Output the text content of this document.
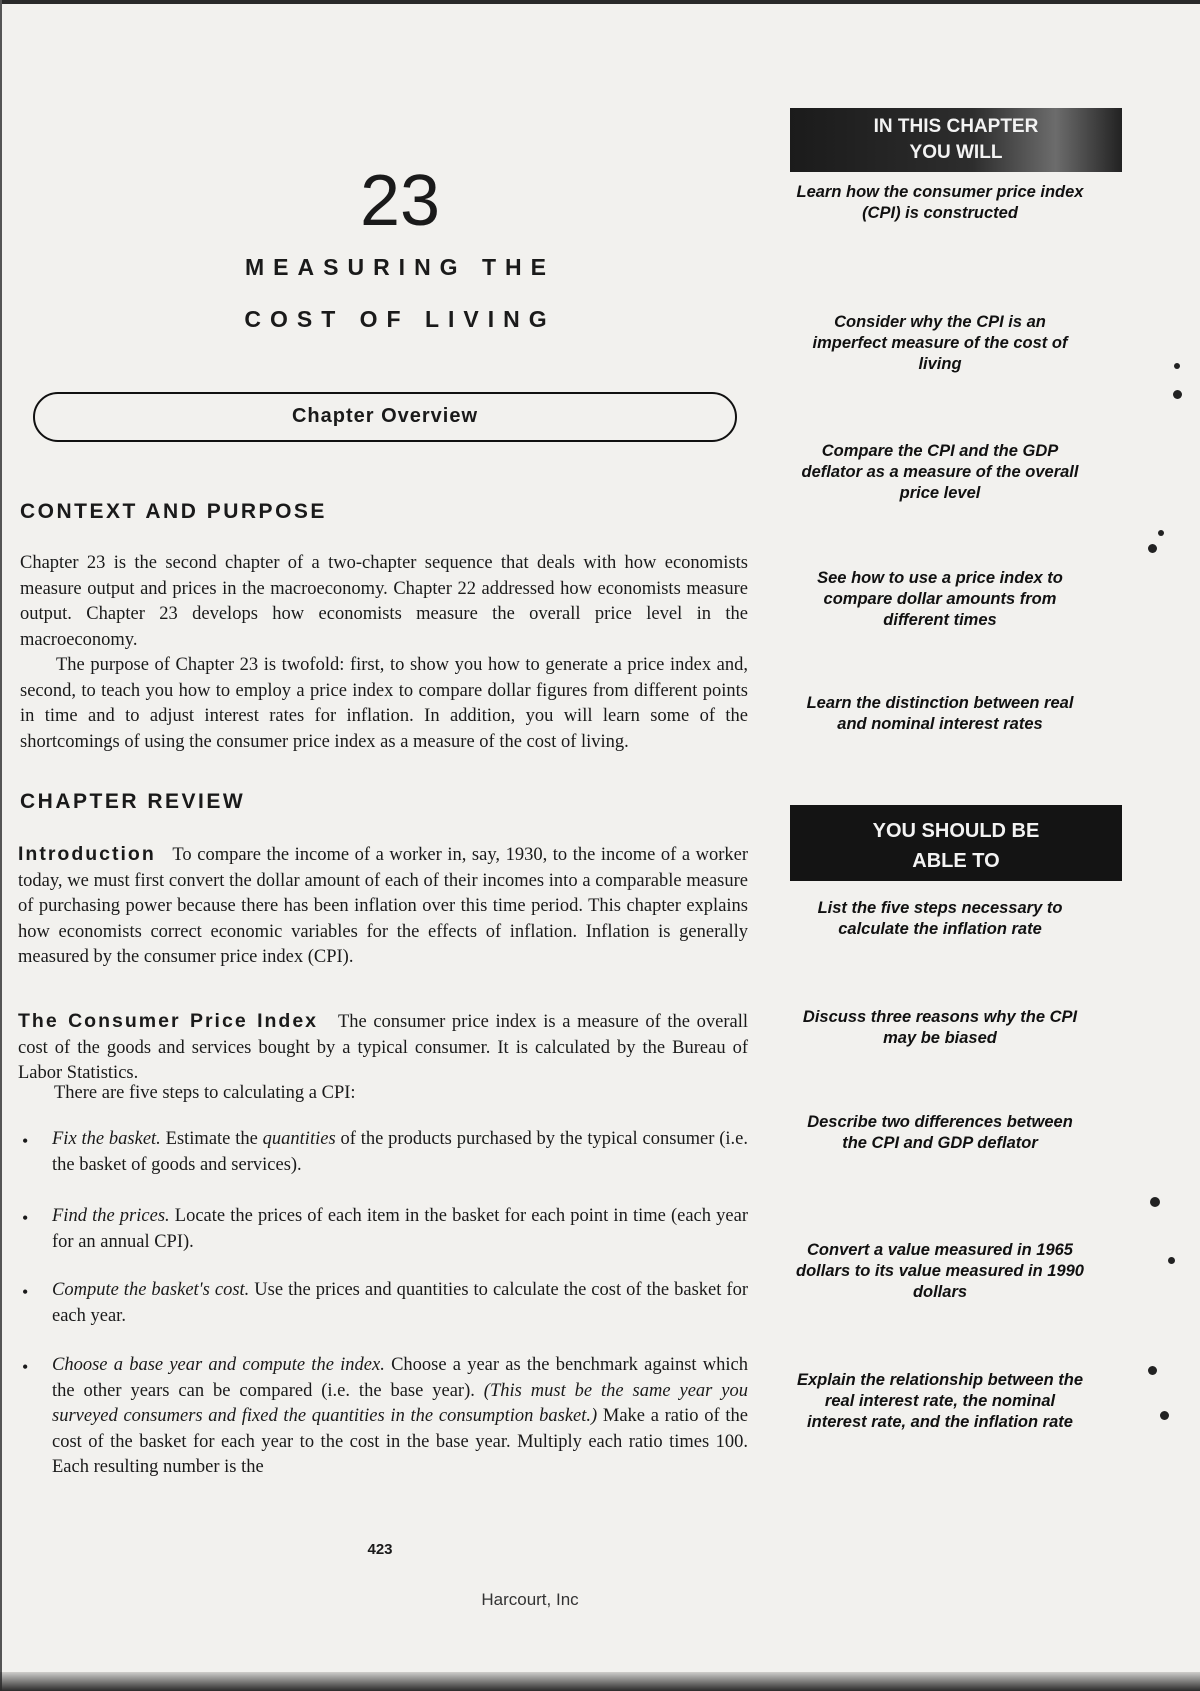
23
MEASURING THE
COST OF LIVING
Chapter Overview
CONTEXT AND PURPOSE

Chapter 23 is the second chapter of a two-chapter sequence that deals with how economists measure output and prices in the macroeconomy. Chapter 22 addressed how economists measure output. Chapter 23 develops how economists measure the overall price level in the macroeconomy.

The purpose of Chapter 23 is twofold: first, to show you how to generate a price index and, second, to teach you how to employ a price index to compare dollar figures from different points in time and to adjust interest rates for inflation. In addition, you will learn some of the shortcomings of using the consumer price index as a measure of the cost of living.

CHAPTER REVIEW

Introduction To compare the income of a worker in, say, 1930, to the income of a worker today, we must first convert the dollar amount of each of their incomes into a comparable measure of purchasing power because there has been inflation over this time period. This chapter explains how economists correct economic variables for the effects of inflation. Inflation is generally measured by the consumer price index (CPI).

The Consumer Price Index The consumer price index is a measure of the overall cost of the goods and services bought by a typical consumer. It is calculated by the Bureau of Labor Statistics.

There are five steps to calculating a CPI:

• Fix the basket. Estimate the quantities of the products purchased by the typical consumer (i.e. the basket of goods and services).

• Find the prices. Locate the prices of each item in the basket for each point in time (each year for an annual CPI).

• Compute the basket's cost. Use the prices and quantities to calculate the cost of the basket for each year.

• Choose a base year and compute the index. Choose a year as the benchmark against which the other years can be compared (i.e. the base year). (This must be the same year you surveyed consumers and fixed the quantities in the consumption basket.) Make a ratio of the cost of the basket for each year to the cost in the base year. Multiply each ratio times 100. Each resulting number is the

423
Harcourt, Inc
IN THIS CHAPTER
YOU WILL
Learn how the consumer price index (CPI) is constructed
Consider why the CPI is an imperfect measure of the cost of living
Compare the CPI and the GDP deflator as a measure of the overall price level
See how to use a price index to compare dollar amounts from different times
Learn the distinction between real and nominal interest rates
YOU SHOULD BE
ABLE TO
List the five steps necessary to calculate the inflation rate
Discuss three reasons why the CPI may be biased
Describe two differences between the CPI and GDP deflator
Convert a value measured in 1965 dollars to its value measured in 1990 dollars
Explain the relationship between the real interest rate, the nominal interest rate, and the inflation rate
